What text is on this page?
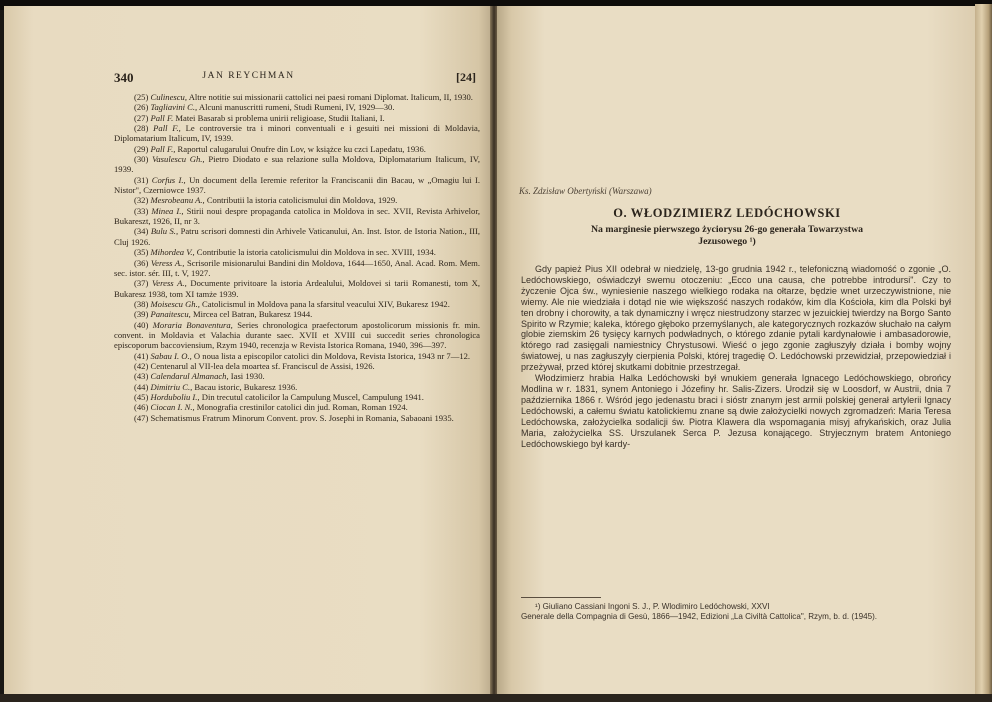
340	JAN REYCHMAN	[24]

(25) Culinescu, Altre notitie sui missionarii cattolici nei paesi romani Diplomat. Italicum, II, 1930.

(26) Tagliavini C., Alcuni manuscritti rumeni, Studi Rumeni, IV, 1929—30.

(27) Pall F. Matei Basarab si problema unirii religioase, Studii Italiani, I.

(28) Pall F., Le controversie tra i minori conventuali e i gesuiti nei missioni di Moldavia, Diplomatarium Italicum, IV, 1939.

(29) Pall F., Raportul calugarului Onufre din Lov, w książce ku czci Lapedatu, 1936.

(30) Vasulescu Gh., Pietro Diodato e sua relazione sulla Moldova, Diplomatarium Italicum, IV, 1939.

(31) Corfus I., Un document della Ieremie referitor la Franciscanii din Bacau, w „Omagiu lui I. Nistor", Czerniowce 1937.

(32) Mesrobeanu A., Contributii la istoria catolicismului din Moldova, 1929.

(33) Minea I., Stirii noui despre propaganda catolica in Moldova in sec. XVII, Revista Arhivelor, Bukareszt, 1926, II, nr 3.

(34) Bulu S., Patru scrisori domnesti din Arhivele Vaticanului, An. Inst. Istor. de Istoria Nation., III, Cluj 1926.

(35) Mihordea V., Contributie la istoria catolicismului din Moldova in sec. XVIII, 1934.

(36) Veress A., Scrisorile misionarului Bandini din Moldova, 1644—1650, Anal. Acad. Rom. Mem. sec. istor. sér. III, t. V, 1927.

(37) Veress A., Documente privitoare la istoria Ardealului, Moldovei si tarii Romanesti, tom X, Bukaresz 1938, tom XI tamże 1939.

(38) Moisescu Gh., Catolicismul in Moldova pana la sfarsitul veacului XIV, Bukaresz 1942.

(39) Panaitescu, Mircea cel Batran, Bukaresz 1944.

(40) Moraria Bonaventura, Series chronologica praefectorum apostolicorum missionis fr. min. convent. in Moldavia et Valachia durante saec. XVII et XVIII cui succedit series chronologica episcoporum baccoviensium, Rzym 1940, recenzja w Revista Istorica Romana, 1940, 396—397.

(41) Sabau I. O., O noua lista a episcopilor catolici din Moldova, Revista Istorica, 1943 nr 7—12.

(42) Centenarul al VII-lea dela moartea sf. Franciscul de Assisi, 1926.

(43) Calendarul Almanach, Iasi 1930.

(44) Dimitriu C., Bacau istoric, Bukaresz 1936.

(45) Horduboliu I., Din trecutul catolicilor la Campulung Muscel, Campulung 1941.

(46) Ciocan I. N., Monografia crestinilor catolici din jud. Roman, Roman 1924.

(47) Schematismus Fratrum Minorum Convent. prov. S. Josephi in Romania, Sabaoani 1935.

Ks. Zdzisław Obertyński (Warszawa)
O. WŁODZIMIERZ LEDÓCHOWSKI
Na marginesie pierwszego życiorysu 26-go generała Towarzystwa Jezusowego ¹)

Gdy papież Pius XII odebrał w niedzielę, 13-go grudnia 1942 r., telefoniczną wiadomość o zgonie „O. Ledóchowskiego, oświadczył swemu otoczeniu: „Ecco una causa, che potrebbe introdursi". Czy to życzenie Ojca św., wyniesienie naszego wielkiego rodaka na ołtarze, będzie wnet urzeczywistnione, nie wiemy. Ale nie wiedziała i dotąd nie wie większość naszych rodaków, kim dla Kościoła, kim dla Polski był ten drobny i chorowity, a tak dynamiczny i wręcz niestrudzony starzec w jezuickiej twierdzy na Borgo Santo Spirito w Rzymie; kaleka, którego głęboko przemyślanych, ale kategorycznych rozkazów słuchało na całym globie ziemskim 26 tysięcy karnych podwładnych, o którego zdanie pytali kardynałowie i ambasadorowie, którego rad zasięgali namiestnicy Chrystusowi. Wieść o jego zgonie zagłuszyły działa i bomby wojny światowej, u nas zagłuszyły cierpienia Polski, której tragedię O. Ledóchowski przewidział, przepowiedział i przeżywał, przed której skutkami dobitnie przestrzegał.

Włodzimierz hrabia Halka Ledóchowski był wnukiem generała Ignacego Ledóchowskiego, obrońcy Modlina w r. 1831, synem Antoniego i Józefiny hr. Salis-Zizers. Urodził się w Loosdorf, w Austrii, dnia 7 października 1866 r. Wśród jego jedenastu braci i sióstr znanym jest armii polskiej generał artylerii Ignacy Ledóchowski, a całemu światu katolickiemu znane są dwie założycielki nowych zgromadzeń: Maria Teresa Ledóchowska, założycielka sodalicji św. Piotra Klawera dla wspomagania misyj afrykańskich, oraz Julia Maria, założycielka SS. Urszulanek Serca P. Jezusa konającego. Stryjecznym bratem Antoniego Ledóchowskiego był kardy-

¹) Giuliano Cassiani Ingoni S. J., P. Wlodimiro Ledóchowski, XXVI
Generale della Compagnia di Gesù, 1866—1942, Edizioni „La Civiltà Cattolica", Rzym, b. d. (1945).
